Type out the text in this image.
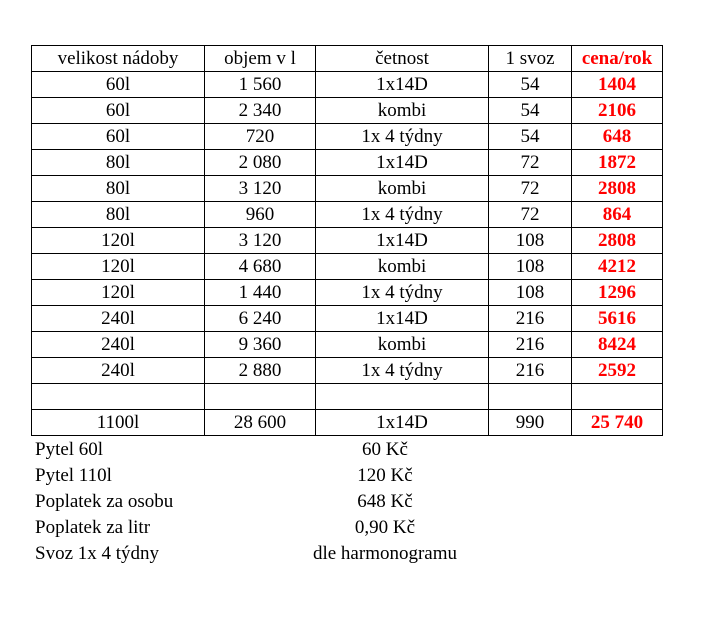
velikost nádoby	objem v l	četnost	1 svoz	cena/rok
60l	1 560	1x14D	54	1404
60l	2 340	kombi	54	2106
60l	720	1x 4 týdny	54	648
80l	2 080	1x14D	72	1872
80l	3 120	kombi	72	2808
80l	960	1x 4 týdny	72	864
120l	3 120	1x14D	108	2808
120l	4 680	kombi	108	4212
120l	1 440	1x 4 týdny	108	1296
240l	6 240	1x14D	216	5616
240l	9 360	kombi	216	8424
240l	2 880	1x 4 týdny	216	2592

1100l	28 600	1x14D	990	25 740
Pytel 60l	60 Kč
Pytel 110l	120 Kč
Poplatek za osobu	648 Kč
Poplatek za litr	0,90 Kč
Svoz 1x 4 týdny	dle harmonogramu
